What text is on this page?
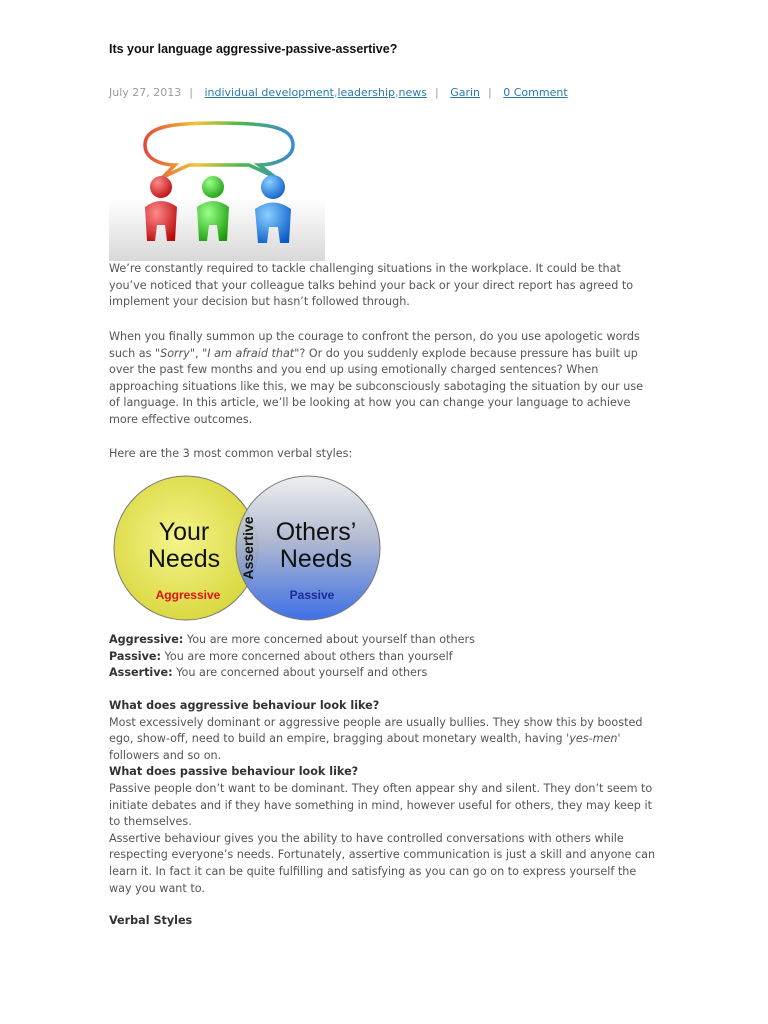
Its your language aggressive-passive-assertive?
July 27, 2013 | individual development,leadership,news | Garin | 0 Comment

We’re constantly required to tackle challenging situations in the workplace. It could be that you’ve noticed that your colleague talks behind your back or your direct report has agreed to implement your decision but hasn’t followed through.

When you finally summon up the courage to confront the person, do you use apologetic words such as "Sorry", "I am afraid that"? Or do you suddenly explode because pressure has built up over the past few months and you end up using emotionally charged sentences? When approaching situations like this, we may be subconsciously sabotaging the situation by our use of language. In this article, we’ll be looking at how you can change your language to achieve more effective outcomes.

Here are the 3 most common verbal styles:

Your
Needs
Aggressive
Others’
Needs
Passive
Assertive
Aggressive: You are more concerned about yourself than others
Passive: You are more concerned about others than yourself
Assertive: You are concerned about yourself and others
What does aggressive behaviour look like?
Most excessively dominant or aggressive people are usually bullies. They show this by boosted ego, show-off, need to build an empire, bragging about monetary wealth, having 'yes-men' followers and so on.
What does passive behaviour look like?
Passive people don’t want to be dominant. They often appear shy and silent. They don’t seem to initiate debates and if they have something in mind, however useful for others, they may keep it to themselves.
Assertive behaviour gives you the ability to have controlled conversations with others while respecting everyone’s needs. Fortunately, assertive communication is just a skill and anyone can learn it. In fact it can be quite fulfilling and satisfying as you can go on to express yourself the way you want to.
Verbal Styles
